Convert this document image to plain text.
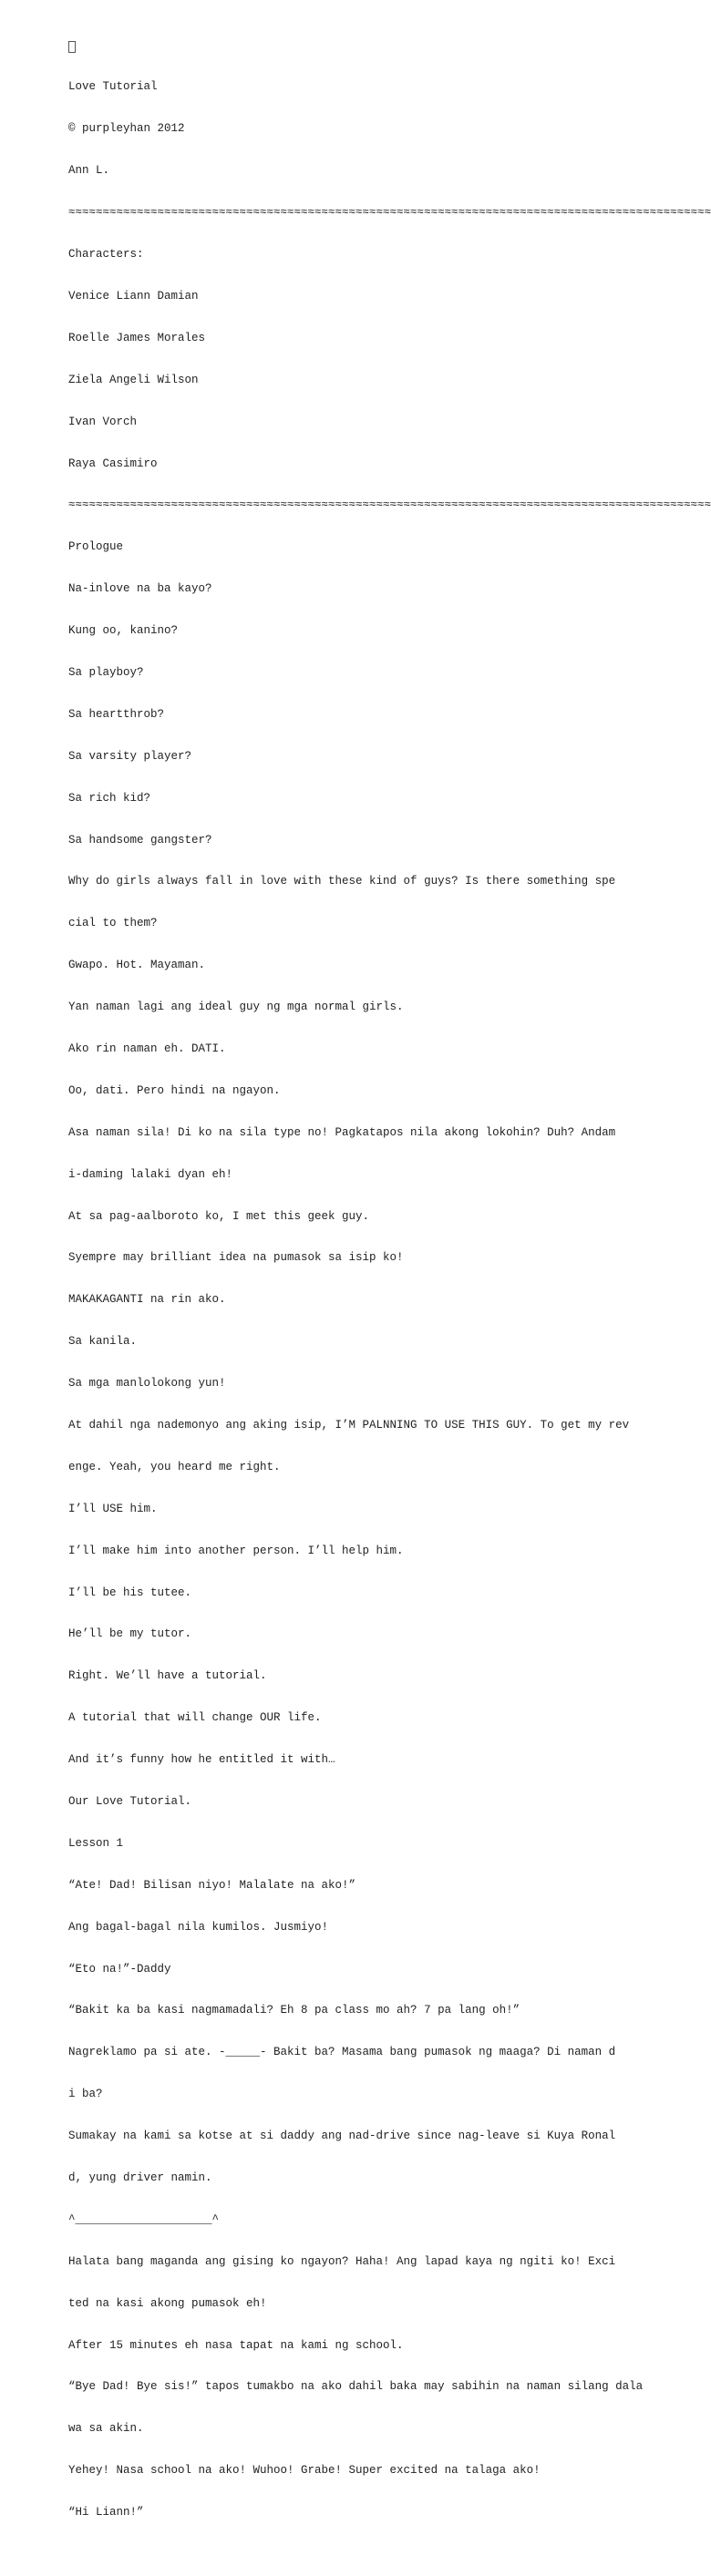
Love Tutorial

© purpleyhan 2012

Ann L.

≈≈≈≈≈≈≈≈≈≈≈≈≈≈≈≈≈≈≈≈≈≈≈≈≈≈≈≈≈≈≈≈≈≈≈≈≈≈≈≈≈≈≈≈≈≈≈≈≈≈≈≈≈≈≈≈≈≈≈≈≈≈≈≈≈≈≈≈≈≈≈≈≈≈≈≈≈≈≈≈≈≈≈≈≈≈≈≈≈≈≈≈≈≈

Characters:

Venice Liann Damian

Roelle James Morales

Ziela Angeli Wilson

Ivan Vorch

Raya Casimiro

≈≈≈≈≈≈≈≈≈≈≈≈≈≈≈≈≈≈≈≈≈≈≈≈≈≈≈≈≈≈≈≈≈≈≈≈≈≈≈≈≈≈≈≈≈≈≈≈≈≈≈≈≈≈≈≈≈≈≈≈≈≈≈≈≈≈≈≈≈≈≈≈≈≈≈≈≈≈≈≈≈≈≈≈≈≈≈≈≈≈≈≈≈≈

Prologue

Na-inlove na ba kayo?

Kung oo, kanino?

Sa playboy?

Sa heartthrob?

Sa varsity player?

Sa rich kid?

Sa handsome gangster?

Why do girls always fall in love with these kind of guys? Is there something spe

cial to them?

Gwapo. Hot. Mayaman.

Yan naman lagi ang ideal guy ng mga normal girls.

Ako rin naman eh. DATI.

Oo, dati. Pero hindi na ngayon.

Asa naman sila! Di ko na sila type no! Pagkatapos nila akong lokohin? Duh? Andam

i-daming lalaki dyan eh!

At sa pag-aalboroto ko, I met this geek guy.

Syempre may brilliant idea na pumasok sa isip ko!

MAKAKAGANTI na rin ako.

Sa kanila.

Sa mga manlolokong yun!

At dahil nga nademonyo ang aking isip, I’M PALNNING TO USE THIS GUY. To get my rev

enge. Yeah, you heard me right.

I’ll USE him.

I’ll make him into another person. I’ll help him.

I’ll be his tutee.

He’ll be my tutor.

Right. We’ll have a tutorial.

A tutorial that will change OUR life.

And it’s funny how he entitled it with…

Our Love Tutorial.

Lesson 1

“Ate! Dad! Bilisan niyo! Malalate na ako!”

Ang bagal-bagal nila kumilos. Jusmiyo!

“Eto na!”-Daddy

“Bakit ka ba kasi nagmamadali? Eh 8 pa class mo ah? 7 pa lang oh!”

Nagreklamo pa si ate. -_____- Bakit ba? Masama bang pumasok ng maaga? Di naman d

i ba?

Sumakay na kami sa kotse at si daddy ang nad-drive since nag-leave si Kuya Ronal

d, yung driver namin.

^____________________^

Halata bang maganda ang gising ko ngayon? Haha! Ang lapad kaya ng ngiti ko! Exci

ted na kasi akong pumasok eh!

After 15 minutes eh nasa tapat na kami ng school.

“Bye Dad! Bye sis!” tapos tumakbo na ako dahil baka may sabihin na naman silang dala

wa sa akin.

Yehey! Nasa school na ako! Wuhoo! Grabe! Super excited na talaga ako!

“Hi Liann!”
